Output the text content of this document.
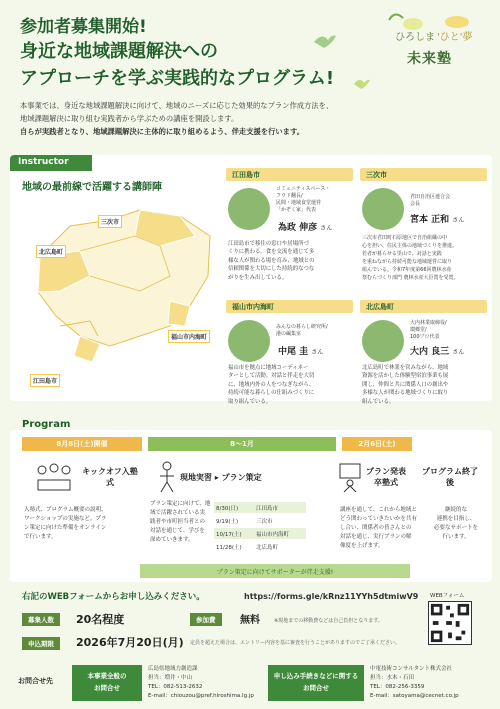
参加者募集開始!
身近な地域課題解決への
アプローチを学ぶ実践的なプログラム!
ひろしま 'ひと'夢
未来塾
本事業では、身近な地域課題解決に向けて、地域のニーズに応じた効果的なプラン作成方法を、
地域課題解決に取り組む実践者から学ぶための講座を開設します。
自らが実践者となり、地域課題解決に主体的に取り組めるよう、伴走支援を行います。
Instructor
地域の最前線で活躍する講師陣
三次市
北広島町
福山市内海町
江田島市
江田島市
コミュニティスペース・
フウド翻長/
民間・地域食堂運営
「かぞく家」代表
為政 伸彦 さん
江田島市で移住の窓口や居場所づ
くりに携わる。食を交流を通じて多
様な人が関わる場を育み、地域との
信頼関係を大切にした持続的なつな
がりを生み出している。
三次市
君田自治区連合会
会長
宮本 正和 さん
三次市君田町石原地区で自治組織の中
心を担い、住民主体の地域づくりを推進。
若者が暮らせる里山で、対話と実践
を重ねながら持続可能な地域運営に取り
組んでいる。令和7年度第66回農林水産
祭むらづくり部門 農林水産大臣賞を受賞。
福山市内海町
みんなの暮らし研究所/
港の編集室
中尾 圭 さん
福山市を拠点に地域コーディネー
ターとして活動。対話と伴走を大切
に、地域内外の人をつなぎながら、
持続可能な暮らしの仕組みづくりに
取り組んでいる。
北広島町
大内林業取締役/
環郷堂/
100プロ代表
大内 良三 さん
北広島町で林業を営みながら、地域
資源を活かした体験型宿泊事業も展
開し、仲間と共に関係人口の創出や
多様な人が関わる地域づくりに取り
組んでいる。
Program
8月8日(土)開催	8〜1月	2月6日(土)
キックオフ入塾式
入塾式、プログラム概要の説明、
ワークショップの実施など。プラ
ン策定に向けた準備をオンライン
で行います。
現地実習 ▸ プラン策定
プラン策定に向けて、地
域で活躍されている実
践者や市町担当者との
対話を通じて、学びを
深めていきます。
8/30(日)	江田島市
9/19(土)	三次市
10/17(土)	福山市内海町
11/28(土)	北広島町
プラン発表卒塾式
講座を通して、これから地域と
どう関わっていきたいかを共有
し合い、関係者の皆さんとの
対話を通じ、実行プランの解
像度を上げます。
プログラム終了後
継続的な
連携を目指し、
必要なサポートを
行います。
プラン策定に向けてサポーターが伴走支援!
右記のWEBフォームからお申し込みください。	https://forms.gle/kRnz11YYh5dtmiwV9 WEBフォーム
募集人数	20名程度	参加費	無料	※現地までの移動費などは自己負担となります。
申込期限	2026年7月20日(月) 定員を超えた場合は、エントリー内容を基に審査を行うことがありますのでご了承ください。
お問合せ先
本事業全般の
お問合せ
広島県地域力創造課
担当：増井・中山
TEL：082-513-2632
E-mail：chiouzou@pref.hiroshima.lg.jp
申し込み手続きなどに関する
お問合せ
中電技術コンサルタント株式会社
担当：水木・石田
TEL：082-256-3359
E-mail：satoyama@cecnet.co.jp
